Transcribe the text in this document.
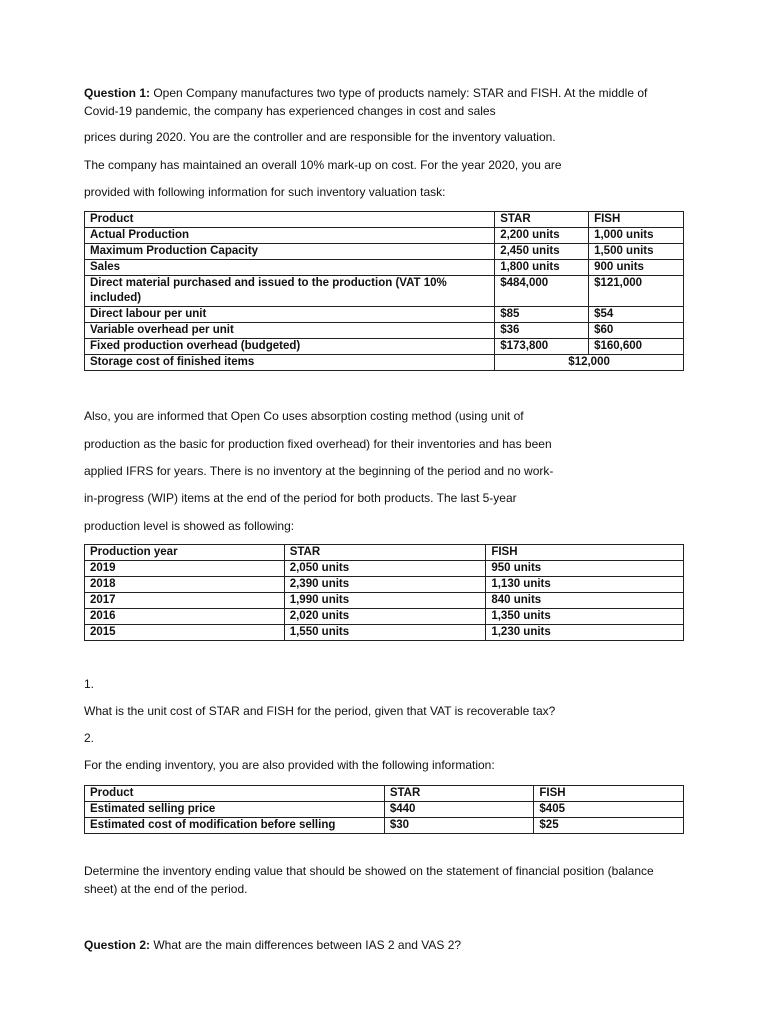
Question 1: Open Company manufactures two type of products namely: STAR and FISH. At the middle of Covid-19 pandemic, the company has experienced changes in cost and sales
prices during 2020. You are the controller and are responsible for the inventory valuation.
The company has maintained an overall 10% mark-up on cost. For the year 2020, you are
provided with following information for such inventory valuation task:
Product	STAR	FISH
Actual Production	2,200 units	1,000 units
Maximum Production Capacity	2,450 units	1,500 units
Sales	1,800 units	900 units
Direct material purchased and issued to the production (VAT 10% included)	$484,000	$121,000
Direct labour per unit	$85	$54
Variable overhead per unit	$36	$60
Fixed production overhead (budgeted)	$173,800	$160,600
Storage cost of finished items	$12,000	
Also, you are informed that Open Co uses absorption costing method (using unit of
production as the basic for production fixed overhead) for their inventories and has been
applied IFRS for years. There is no inventory at the beginning of the period and no work-
in-progress (WIP) items at the end of the period for both products. The last 5-year
production level is showed as following:
Production year	STAR	FISH
2019	2,050 units	950 units
2018	2,390 units	1,130 units
2017	1,990 units	840 units
2016	2,020 units	1,350 units
2015	1,550 units	1,230 units
1.
What is the unit cost of STAR and FISH for the period, given that VAT is recoverable tax?
2.
For the ending inventory, you are also provided with the following information:
Product	STAR	FISH
Estimated selling price	$440	$405
Estimated cost of modification before selling	$30	$25
Determine the inventory ending value that should be showed on the statement of financial position (balance sheet) at the end of the period.
Question 2: What are the main differences between IAS 2 and VAS 2?
